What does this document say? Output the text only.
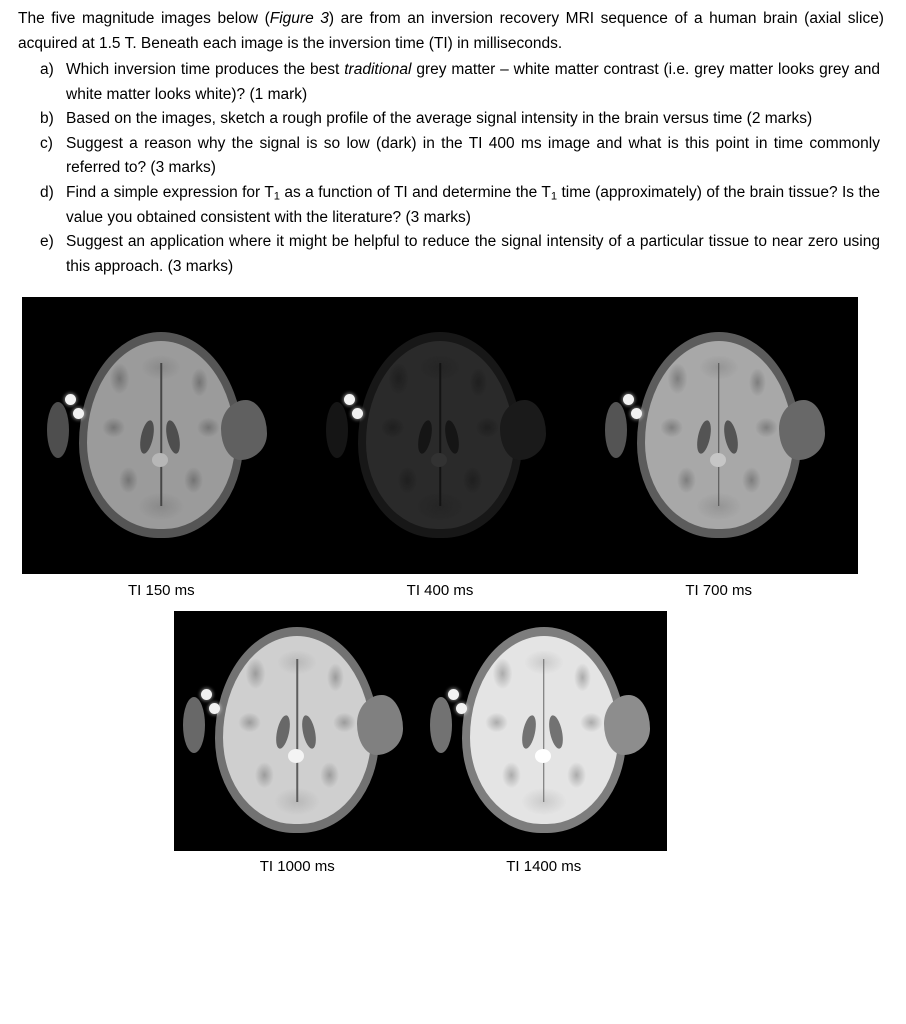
The five magnitude images below (Figure 3) are from an inversion recovery MRI sequence of a human brain (axial slice) acquired at 1.5 T. Beneath each image is the inversion time (TI) in milliseconds.

a) Which inversion time produces the best traditional grey matter – white matter contrast (i.e. grey matter looks grey and white matter looks white)? (1 mark)
b) Based on the images, sketch a rough profile of the average signal intensity in the brain versus time (2 marks)
c) Suggest a reason why the signal is so low (dark) in the TI 400 ms image and what is this point in time commonly referred to? (3 marks)
d) Find a simple expression for $T_1$ as a function of TI and determine the $T_1$ time (approximately) of the brain tissue? Is the value you obtained consistent with the literature? (3 marks)
e) Suggest an application where it might be helpful to reduce the signal intensity of a particular tissue to near zero using this approach. (3 marks)
TI 150 ms	TI 400 ms	TI 700 ms
TI 1000 ms	TI 1400 ms
